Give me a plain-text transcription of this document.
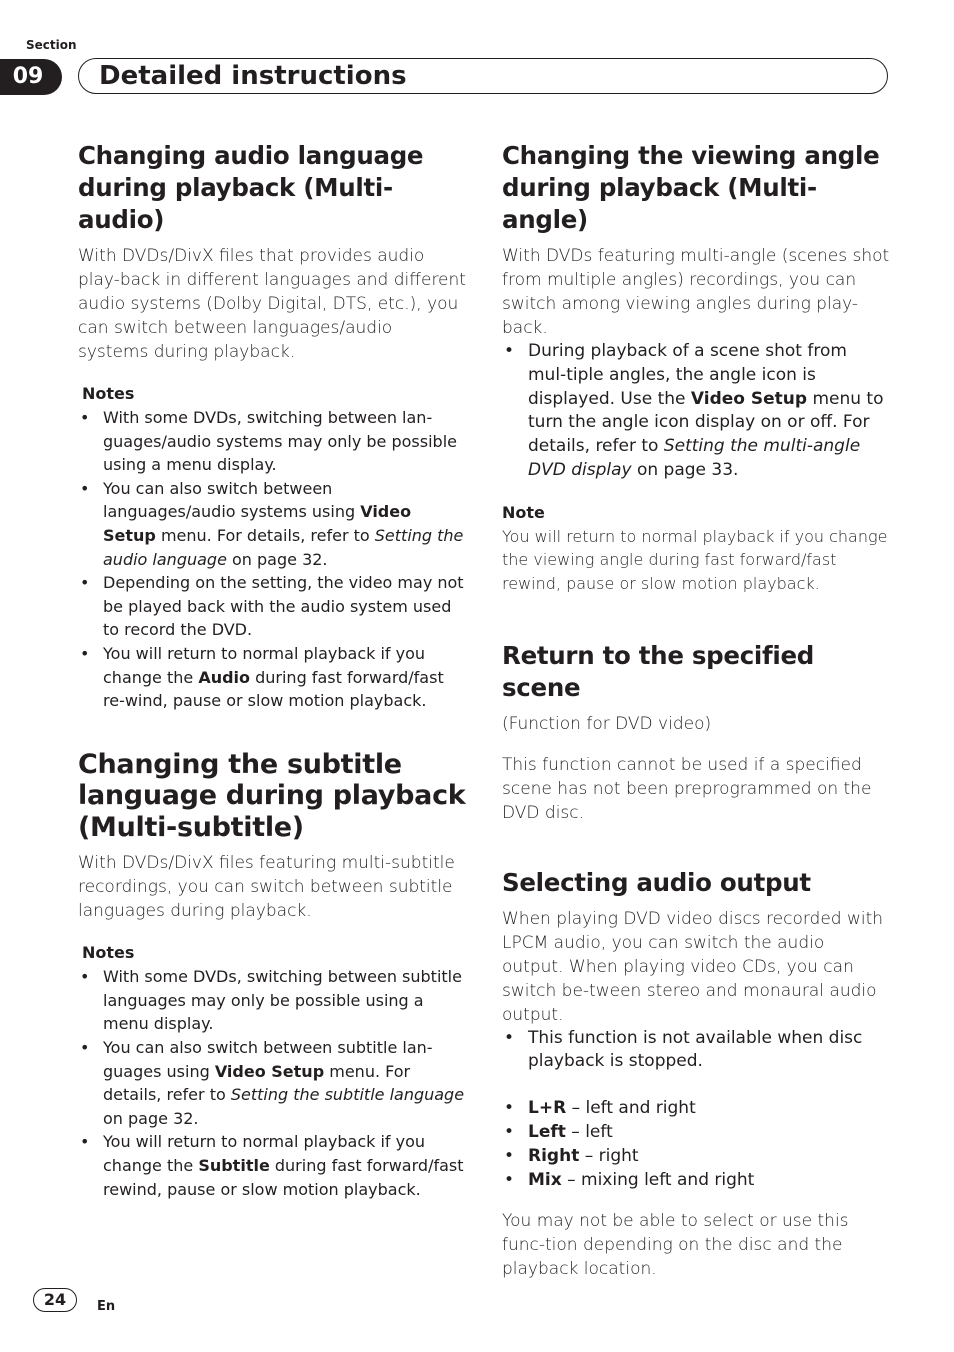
Section
09	Detailed instructions
Changing audio language during playback (Multi-audio)

With DVDs/DivX files that provides audio play-back in different languages and different audio systems (Dolby Digital, DTS, etc.), you can switch between languages/audio systems during playback.

Notes
• With some DVDs, switching between lan-guages/audio systems may only be possible using a menu display.
• You can also switch between languages/audio systems using Video Setup menu. For details, refer to Setting the audio language on page 32.
• Depending on the setting, the video may not be played back with the audio system used to record the DVD.
• You will return to normal playback if you change the Audio during fast forward/fast re-wind, pause or slow motion playback.
Changing the subtitle language during playback (Multi-subtitle)

With DVDs/DivX files featuring multi-subtitle recordings, you can switch between subtitle languages during playback.

Notes
• With some DVDs, switching between subtitle languages may only be possible using a menu display.
• You can also switch between subtitle lan-guages using Video Setup menu. For details, refer to Setting the subtitle language on page 32.
• You will return to normal playback if you change the Subtitle during fast forward/fast rewind, pause or slow motion playback.
Changing the viewing angle during playback (Multi-angle)

With DVDs featuring multi-angle (scenes shot from multiple angles) recordings, you can switch among viewing angles during play-back.

• During playback of a scene shot from mul-tiple angles, the angle icon is displayed. Use the Video Setup menu to turn the angle icon display on or off. For details, refer to Setting the multi-angle DVD display on page 33.
Note

You will return to normal playback if you change the viewing angle during fast forward/fast rewind, pause or slow motion playback.

Return to the specified scene

(Function for DVD video)

This function cannot be used if a specified scene has not been preprogrammed on the DVD disc.

Selecting audio output

When playing DVD video discs recorded with LPCM audio, you can switch the audio output. When playing video CDs, you can switch be-tween stereo and monaural audio output.

• This function is not available when disc playback is stopped.
• L+R – left and right
• Left – left
• Right – right
• Mix – mixing left and right

You may not be able to select or use this func-tion depending on the disc and the playback location.

24	En
